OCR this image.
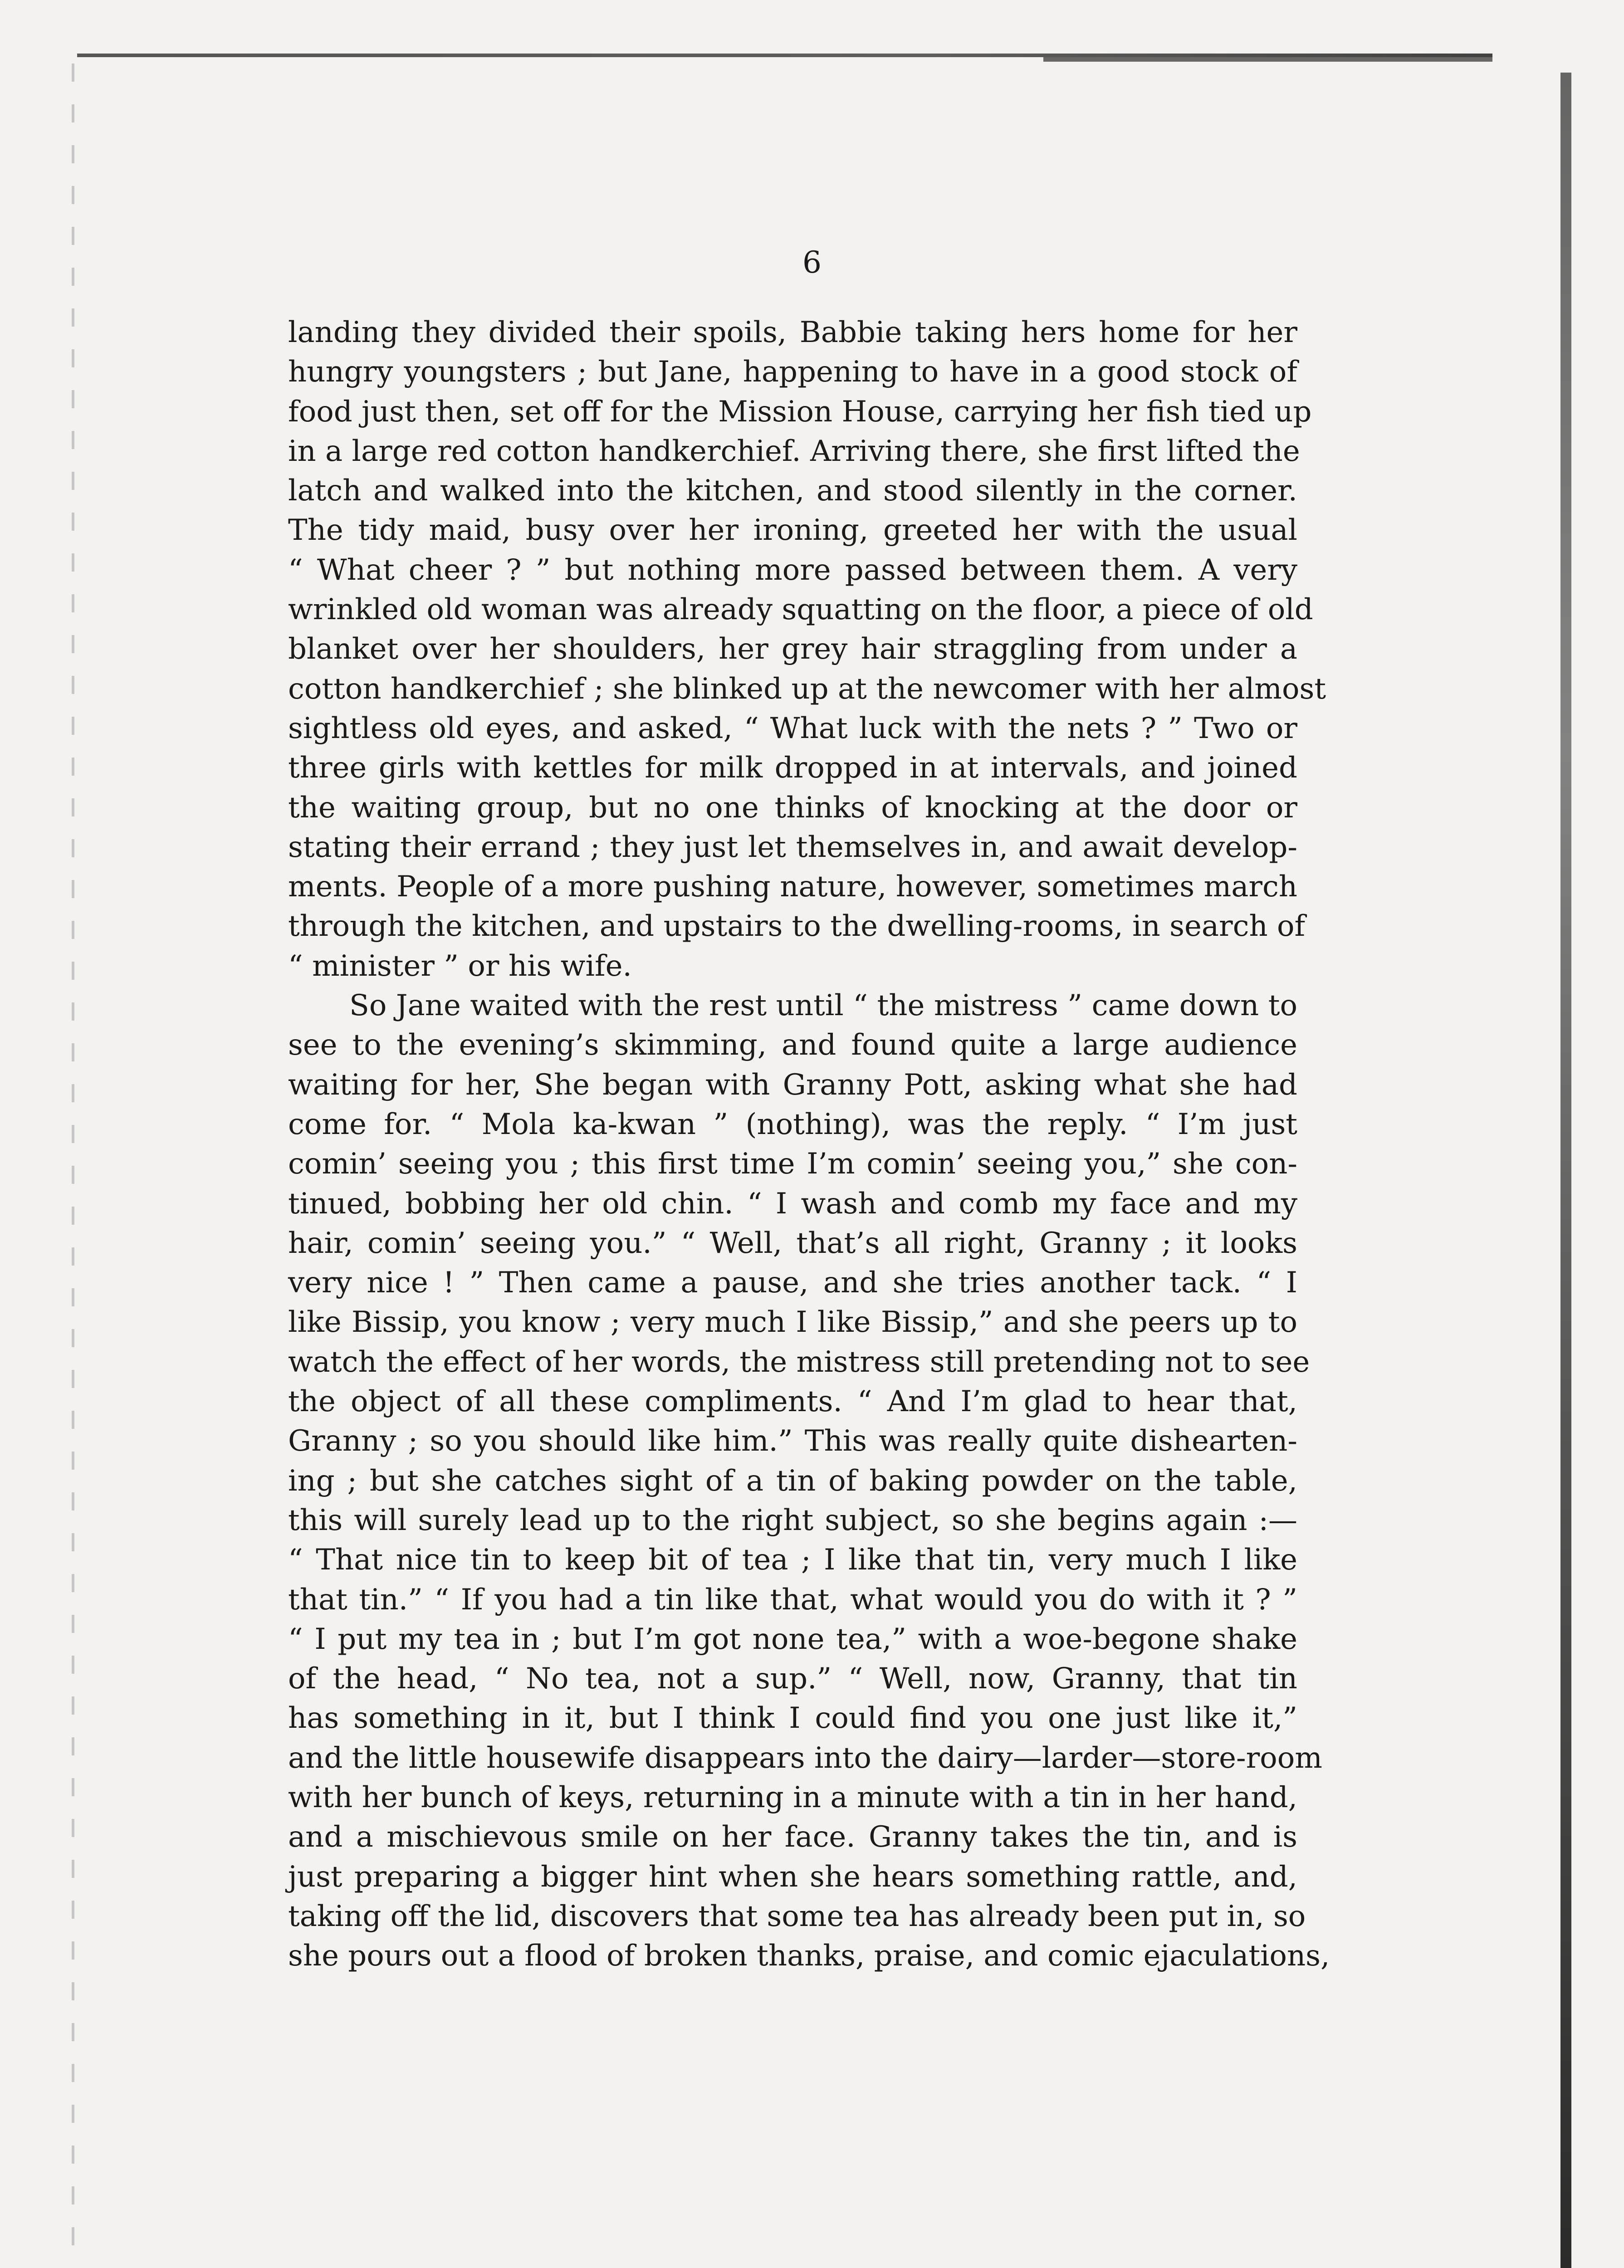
6

landing they divided their spoils, Babbie taking hers home for her
hungry youngsters ; but Jane, happening to have in a good stock of
food just then, set off for the Mission House, carrying her fish tied up
in a large red cotton handkerchief. Arriving there, she first lifted the
latch and walked into the kitchen, and stood silently in the corner.
The tidy maid, busy over her ironing, greeted her with the usual
“ What cheer ? ” but nothing more passed between them. A very
wrinkled old woman was already squatting on the floor, a piece of old
blanket over her shoulders, her grey hair straggling from under a
cotton handkerchief ; she blinked up at the newcomer with her almost
sightless old eyes, and asked, “ What luck with the nets ? ” Two or
three girls with kettles for milk dropped in at intervals, and joined
the waiting group, but no one thinks of knocking at the door or
stating their errand ; they just let themselves in, and await develop-
ments. People of a more pushing nature, however, sometimes march
through the kitchen, and upstairs to the dwelling-rooms, in search of
“ minister ” or his wife.

So Jane waited with the rest until “ the mistress ” came down to
see to the evening’s skimming, and found quite a large audience
waiting for her, She began with Granny Pott, asking what she had
come for. “ Mola ka-kwan ” (nothing), was the reply. “ I’m just
comin’ seeing you ; this first time I’m comin’ seeing you,” she con-
tinued, bobbing her old chin. “ I wash and comb my face and my
hair, comin’ seeing you.” “ Well, that’s all right, Granny ; it looks
very nice ! ” Then came a pause, and she tries another tack. “ I
like Bissip, you know ; very much I like Bissip,” and she peers up to
watch the effect of her words, the mistress still pretending not to see
the object of all these compliments. “ And I’m glad to hear that,
Granny ; so you should like him.” This was really quite dishearten-
ing ; but she catches sight of a tin of baking powder on the table,
this will surely lead up to the right subject, so she begins again :—
“ That nice tin to keep bit of tea ; I like that tin, very much I like
that tin.” “ If you had a tin like that, what would you do with it ? ”
“ I put my tea in ; but I’m got none tea,” with a woe-begone shake
of the head, “ No tea, not a sup.” “ Well, now, Granny, that tin
has something in it, but I think I could find you one just like it,”
and the little housewife disappears into the dairy—larder—store-room
with her bunch of keys, returning in a minute with a tin in her hand,
and a mischievous smile on her face. Granny takes the tin, and is
just preparing a bigger hint when she hears something rattle, and,
taking off the lid, discovers that some tea has already been put in, so
she pours out a flood of broken thanks, praise, and comic ejaculations,
